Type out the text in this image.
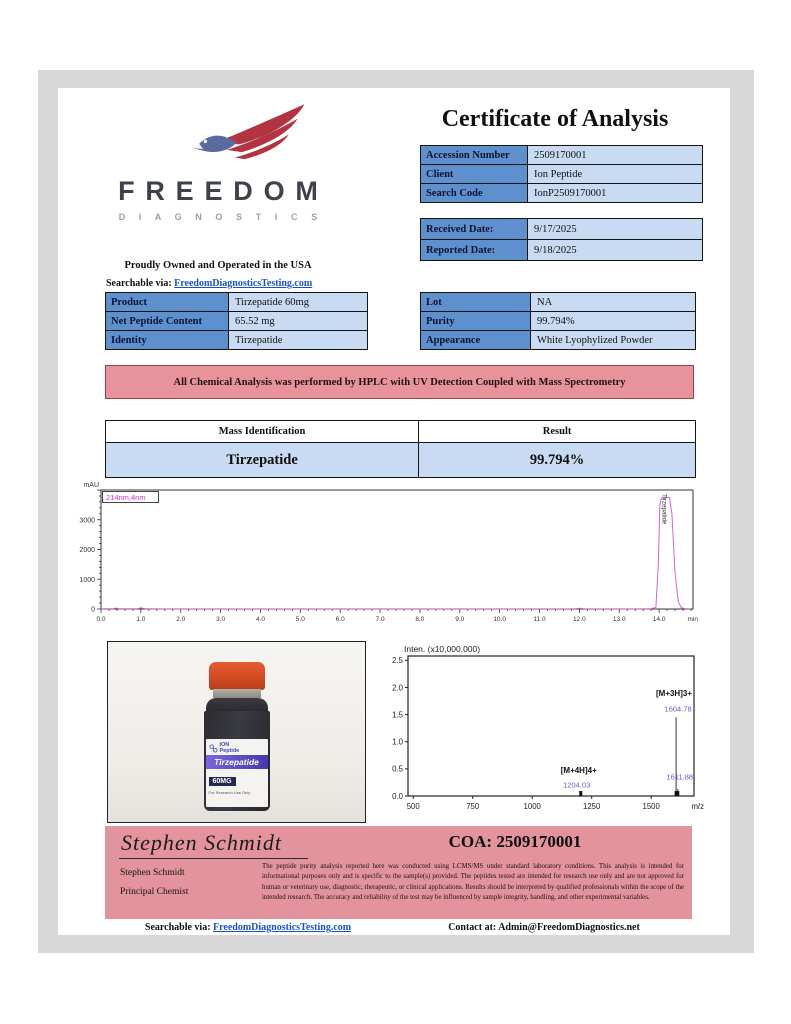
FREEDOM
D I A G N O S T I C S
Certificate of Analysis
Accession Number	2509170001
Client	Ion Peptide
Search Code	IonP2509170001
Received Date:	9/17/2025
Reported Date:	9/18/2025
Proudly Owned and Operated in the USA
Searchable via: FreedomDiagnosticsTesting.com
Product	Tirzepatide 60mg
Net Peptide Content	65.52 mg
Identity	Tirzepatide
Lot	NA
Purity	99.794%
Appearance	White Lyophylized Powder
All Chemical Analysis was performed by HPLC with UV Detection Coupled with Mass Spectrometry
Mass Identification	Result
Tirzepatide	99.794%
mAU
0
1000
2000
3000
0.0	1.0	2.0	3.0	4.0	5.0	6.0	7.0	8.0	9.0	10.0	11.0	12.0	13.0	14.0	min
214nm,4nm	Tirzepatide
ION
Peptide
Tirzepatide
60MG
For Research Use Only
Inten. (x10,000,000)
0.0
0.5
1.0
1.5
2.0
2.5
500	750	1000	1250	1500	m/z
1204.03
[M+4H]4+
1604.78
[M+3H]3+
1611.88
Stephen Schmidt
Stephen Schmidt
Principal Chemist
COA: 2509170001
The peptide purity analysis reported here was conducted using LCMS/MS under standard laboratory conditions. This analysis is intended for informational purposes only and is specific to the sample(s) provided. The peptides tested are intended for research use only and are not approved for human or veterinary use, diagnostic, therapeutic, or clinical applications. Results should be interpreted by qualified professionals within the scope of the intended research. The accuracy and reliability of the test may be influenced by sample integrity, handling, and other experimental variables.
Searchable via: FreedomDiagnosticsTesting.com	Contact at: Admin@FreedomDiagnostics.net
